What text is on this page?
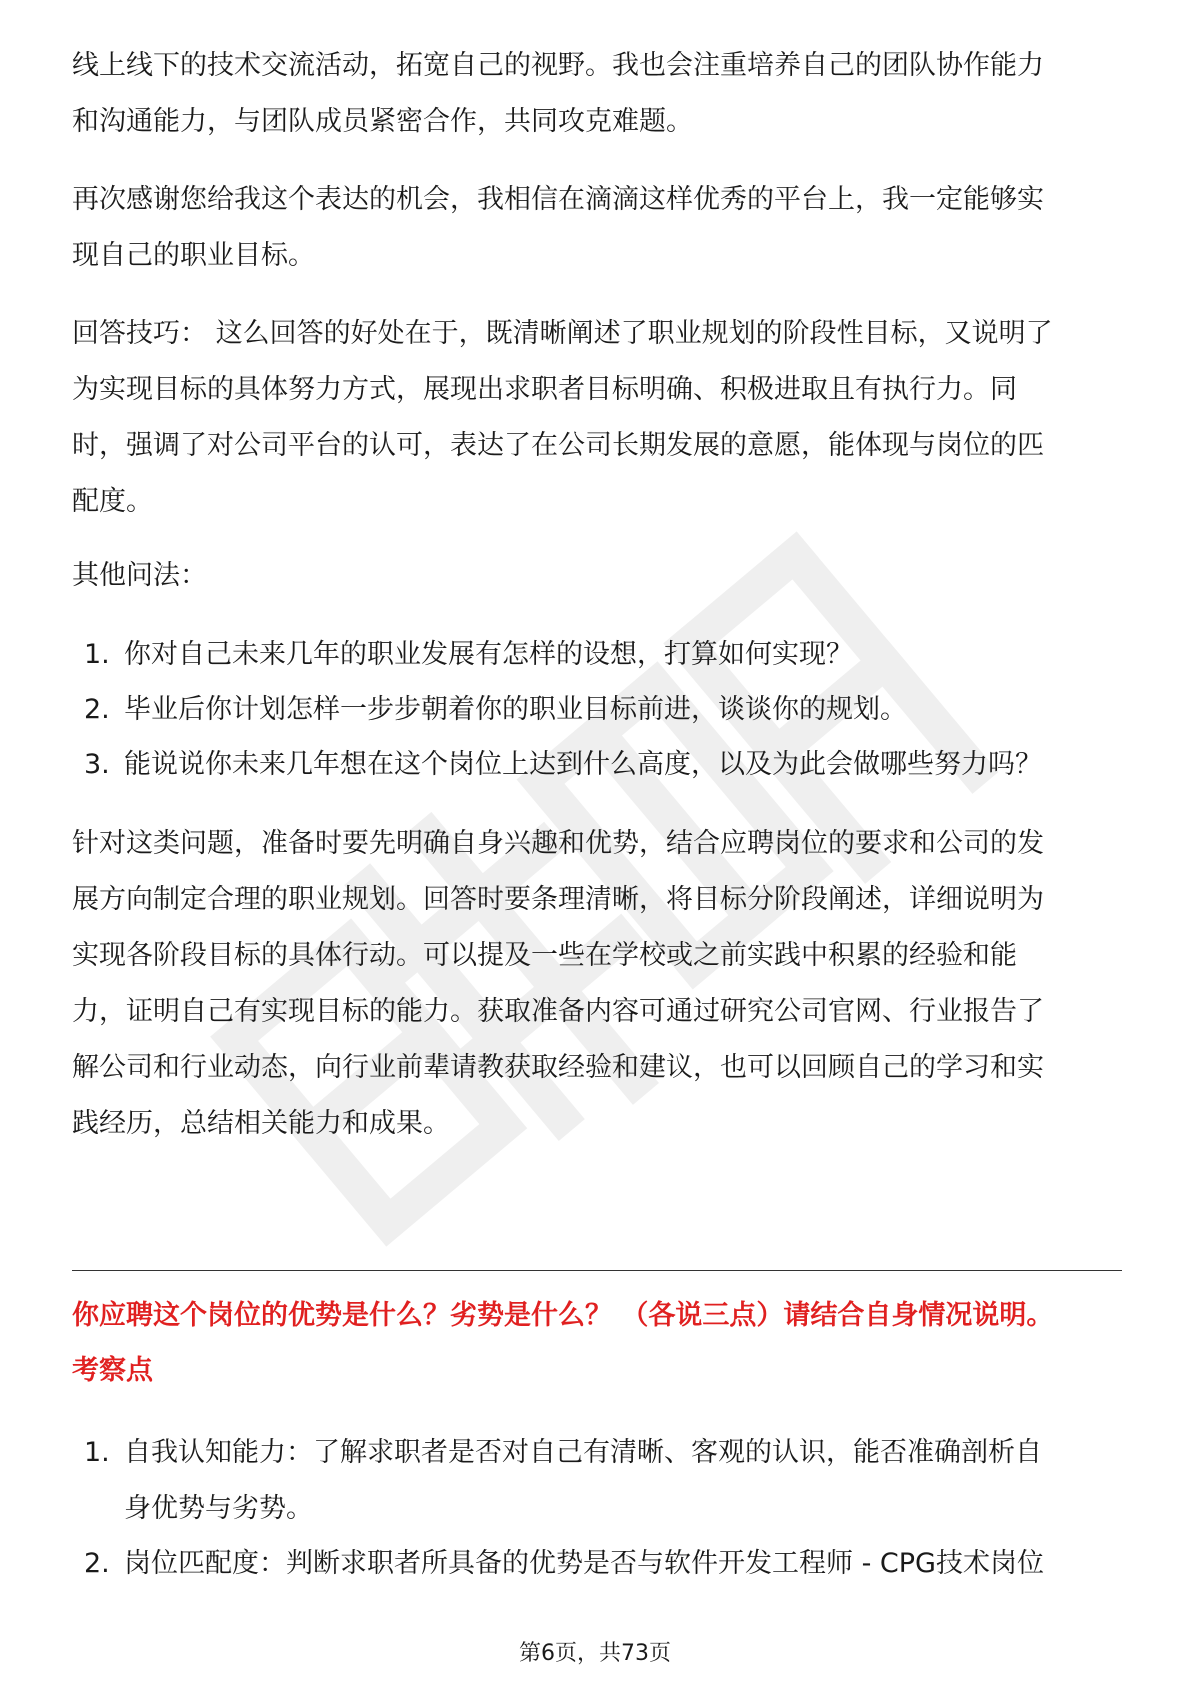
线上线下的技术交流活动，拓宽自己的视野。我也会注重培养自己的团队协作能力
和沟通能力，与团队成员紧密合作，共同攻克难题。
再次感谢您给我这个表达的机会，我相信在滴滴这样优秀的平台上，我一定能够实
现自己的职业目标。
回答技巧： 这么回答的好处在于，既清晰阐述了职业规划的阶段性目标，又说明了
为实现目标的具体努力方式，展现出求职者目标明确、积极进取且有执行力。同
时，强调了对公司平台的认可，表达了在公司长期发展的意愿，能体现与岗位的匹
配度。
其他问法：
1. 你对自己未来几年的职业发展有怎样的设想，打算如何实现？
2. 毕业后你计划怎样一步步朝着你的职业目标前进，谈谈你的规划。
3. 能说说你未来几年想在这个岗位上达到什么高度，以及为此会做哪些努力吗？
针对这类问题，准备时要先明确自身兴趣和优势，结合应聘岗位的要求和公司的发
展方向制定合理的职业规划。回答时要条理清晰，将目标分阶段阐述，详细说明为
实现各阶段目标的具体行动。可以提及一些在学校或之前实践中积累的经验和能
力，证明自己有实现目标的能力。获取准备内容可通过研究公司官网、行业报告了
解公司和行业动态，向行业前辈请教获取经验和建议，也可以回顾自己的学习和实
践经历，总结相关能力和成果。
你应聘这个岗位的优势是什么？劣势是什么？ （各说三点）请结合自身情况说明。
考察点
1. 自我认知能力：了解求职者是否对自己有清晰、客观的认识，能否准确剖析自
身优势与劣势。
2. 岗位匹配度：判断求职者所具备的优势是否与软件开发工程师 - CPG技术岗位
第6页，共73页
